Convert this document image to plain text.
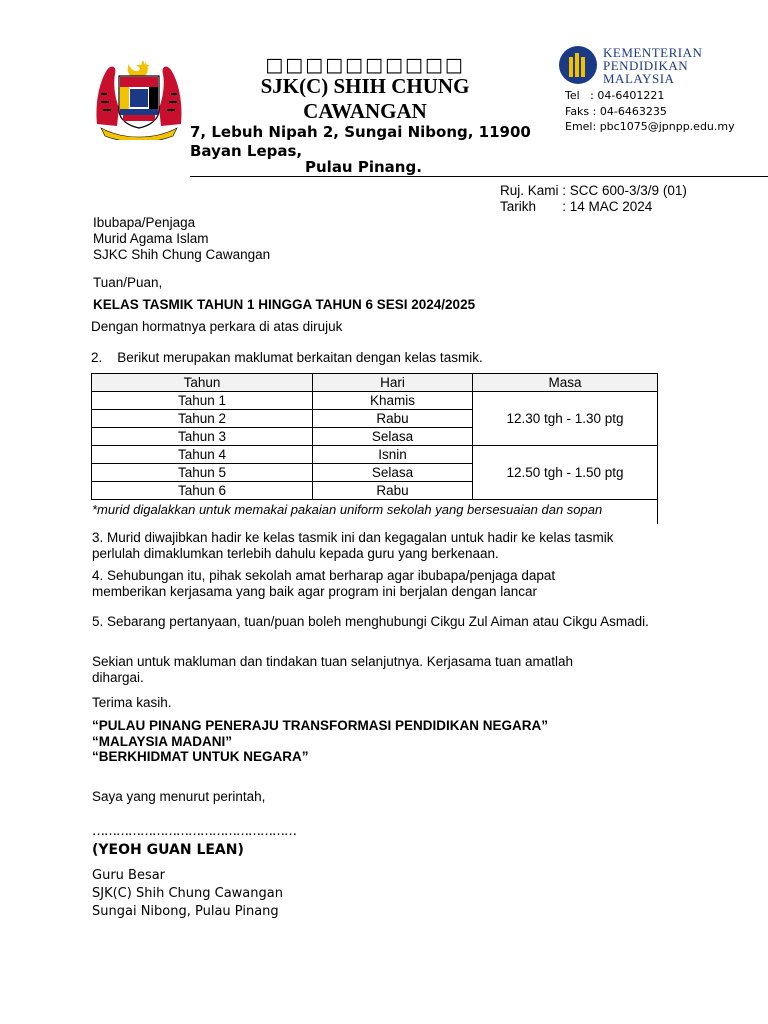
□□□□□□□□□□
SJK(C) SHIH CHUNG CAWANGAN
7, Lebuh Nipah 2, Sungai Nibong, 11900 Bayan Lepas,
Pulau Pinang.
KEMENTERIAN
PENDIDIKAN
MALAYSIA
Tel   : 04-6401221
Faks : 04-6463235
Emel: pbc1075@jpnpp.edu.my
Ruj. Kami : SCC 600-3/3/9 (01)
Tarikh       : 14 MAC 2024
Ibubapa/Penjaga
Murid Agama Islam
SJKC Shih Chung Cawangan
Tuan/Puan,
KELAS TASMIK TAHUN 1 HINGGA TAHUN 6 SESI 2024/2025
Dengan hormatnya perkara di atas dirujuk
2.    Berikut merupakan maklumat berkaitan dengan kelas tasmik.
Tahun	Hari	Masa
Tahun 1	Khamis	12.30 tgh - 1.30 ptg
Tahun 2	Rabu	
Tahun 3	Selasa	
Tahun 4	Isnin	12.50 tgh - 1.50 ptg
Tahun 5	Selasa	
Tahun 6	Rabu	
*murid digalakkan untuk memakai pakaian uniform sekolah yang bersesuaian dan sopan
3. Murid diwajibkan hadir ke kelas tasmik ini dan kegagalan untuk hadir ke kelas tasmik perlulah dimaklumkan terlebih dahulu kepada guru yang berkenaan.
4. Sehubungan itu, pihak sekolah amat berharap agar ibubapa/penjaga dapat memberikan kerjasama yang baik agar program ini berjalan dengan lancar
5. Sebarang pertanyaan, tuan/puan boleh menghubungi Cikgu Zul Aiman atau Cikgu Asmadi.
Sekian untuk makluman dan tindakan tuan selanjutnya. Kerjasama tuan amatlah dihargai.
Terima kasih.
“PULAU PINANG PENERAJU TRANSFORMASI PENDIDIKAN NEGARA”
“MALAYSIA MADANI”
“BERKHIDMAT UNTUK NEGARA”
Saya yang menurut perintah,
……………………………………………
(YEOH GUAN LEAN)
Guru Besar
SJK(C) Shih Chung Cawangan
Sungai Nibong, Pulau Pinang
